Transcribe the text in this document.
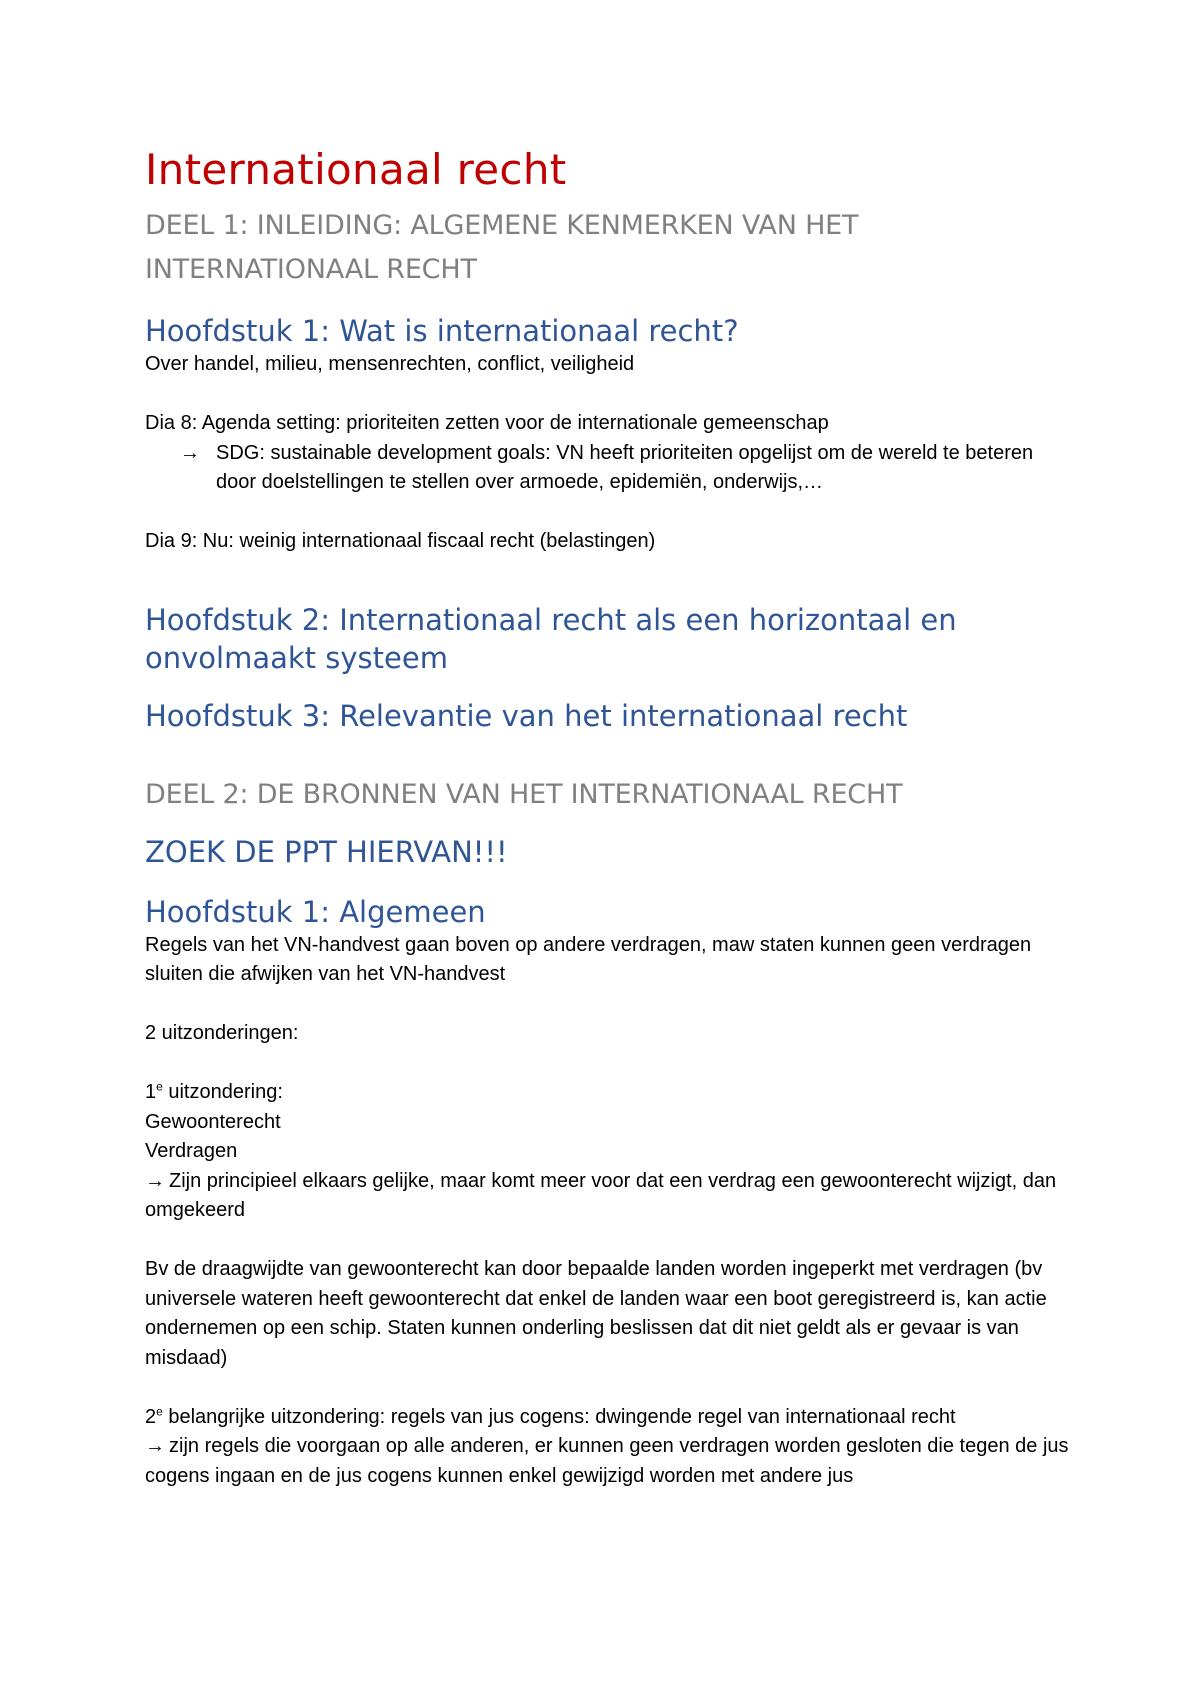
Internationaal recht
DEEL 1: INLEIDING: ALGEMENE KENMERKEN VAN HET INTERNATIONAAL RECHT
Hoofdstuk 1: Wat is internationaal recht?

Over handel, milieu, mensenrechten, conflict, veiligheid

Dia 8: Agenda setting: prioriteiten zetten voor de internationale gemeenschap

→ SDG: sustainable development goals: VN heeft prioriteiten opgelijst om de wereld te beteren door doelstellingen te stellen over armoede, epidemiën, onderwijs,…

Dia 9: Nu: weinig internationaal fiscaal recht (belastingen)

Hoofdstuk 2: Internationaal recht als een horizontaal en onvolmaakt systeem
Hoofdstuk 3: Relevantie van het internationaal recht
DEEL 2: DE BRONNEN VAN HET INTERNATIONAAL RECHT
ZOEK DE PPT HIERVAN!!!
Hoofdstuk 1: Algemeen

Regels van het VN-handvest gaan boven op andere verdragen, maw staten kunnen geen verdragen sluiten die afwijken van het VN-handvest

2 uitzonderingen:

1e uitzondering:

Gewoonterecht

Verdragen

→ Zijn principieel elkaars gelijke, maar komt meer voor dat een verdrag een gewoonterecht wijzigt, dan omgekeerd

Bv de draagwijdte van gewoonterecht kan door bepaalde landen worden ingeperkt met verdragen (bv universele wateren heeft gewoonterecht dat enkel de landen waar een boot geregistreerd is, kan actie ondernemen op een schip. Staten kunnen onderling beslissen dat dit niet geldt als er gevaar is van misdaad)

2e belangrijke uitzondering: regels van jus cogens: dwingende regel van internationaal recht

→ zijn regels die voorgaan op alle anderen, er kunnen geen verdragen worden gesloten die tegen de jus cogens ingaan en de jus cogens kunnen enkel gewijzigd worden met andere jus
